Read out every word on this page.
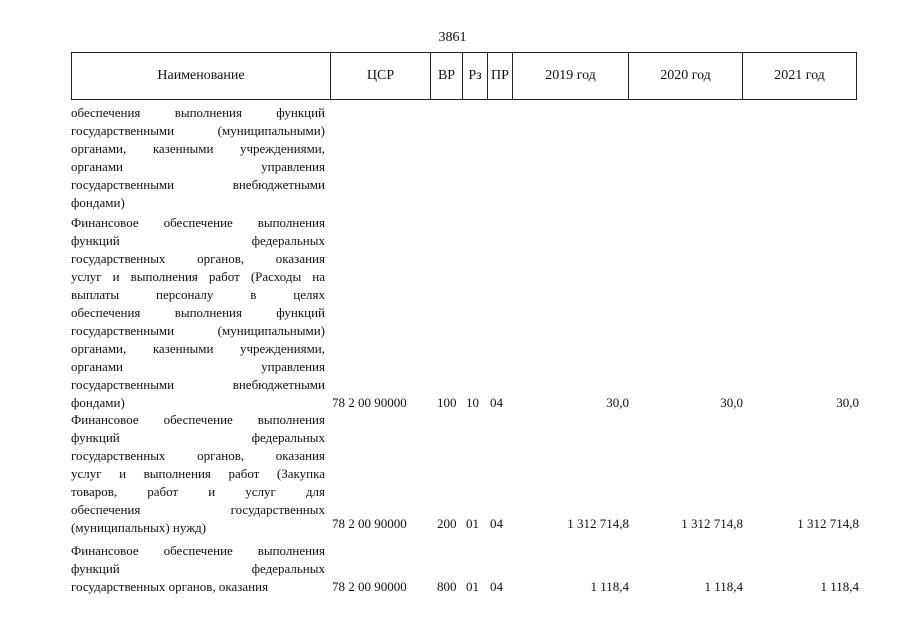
3861
Наименование	ЦСР	ВР Рз ПР	2019 год	2020 год	2021 год
обеспечения выполнения функций
государственными (муниципальными)
органами, казенными учреждениями,
органами управления
государственными внебюджетными
фондами)
Финансовое обеспечение выполнения
функций федеральных
государственных органов, оказания
услуг и выполнения работ (Расходы на
выплаты персоналу в целях
обеспечения выполнения функций
государственными (муниципальными)
органами, казенными учреждениями,
органами управления
государственными внебюджетными
фондами)	78 2 00 90000 100 10 04	30,0	30,0	30,0
Финансовое обеспечение выполнения
функций федеральных
государственных органов, оказания
услуг и выполнения работ (Закупка
товаров, работ и услуг для
обеспечения государственных
(муниципальных) нужд)	78 2 00 90000 200 01 04	1 312 714,8	1 312 714,8	1 312 714,8
Финансовое обеспечение выполнения
функций федеральных
государственных органов, оказания	78 2 00 90000 800 01 04	1 118,4	1 118,4	1 118,4
